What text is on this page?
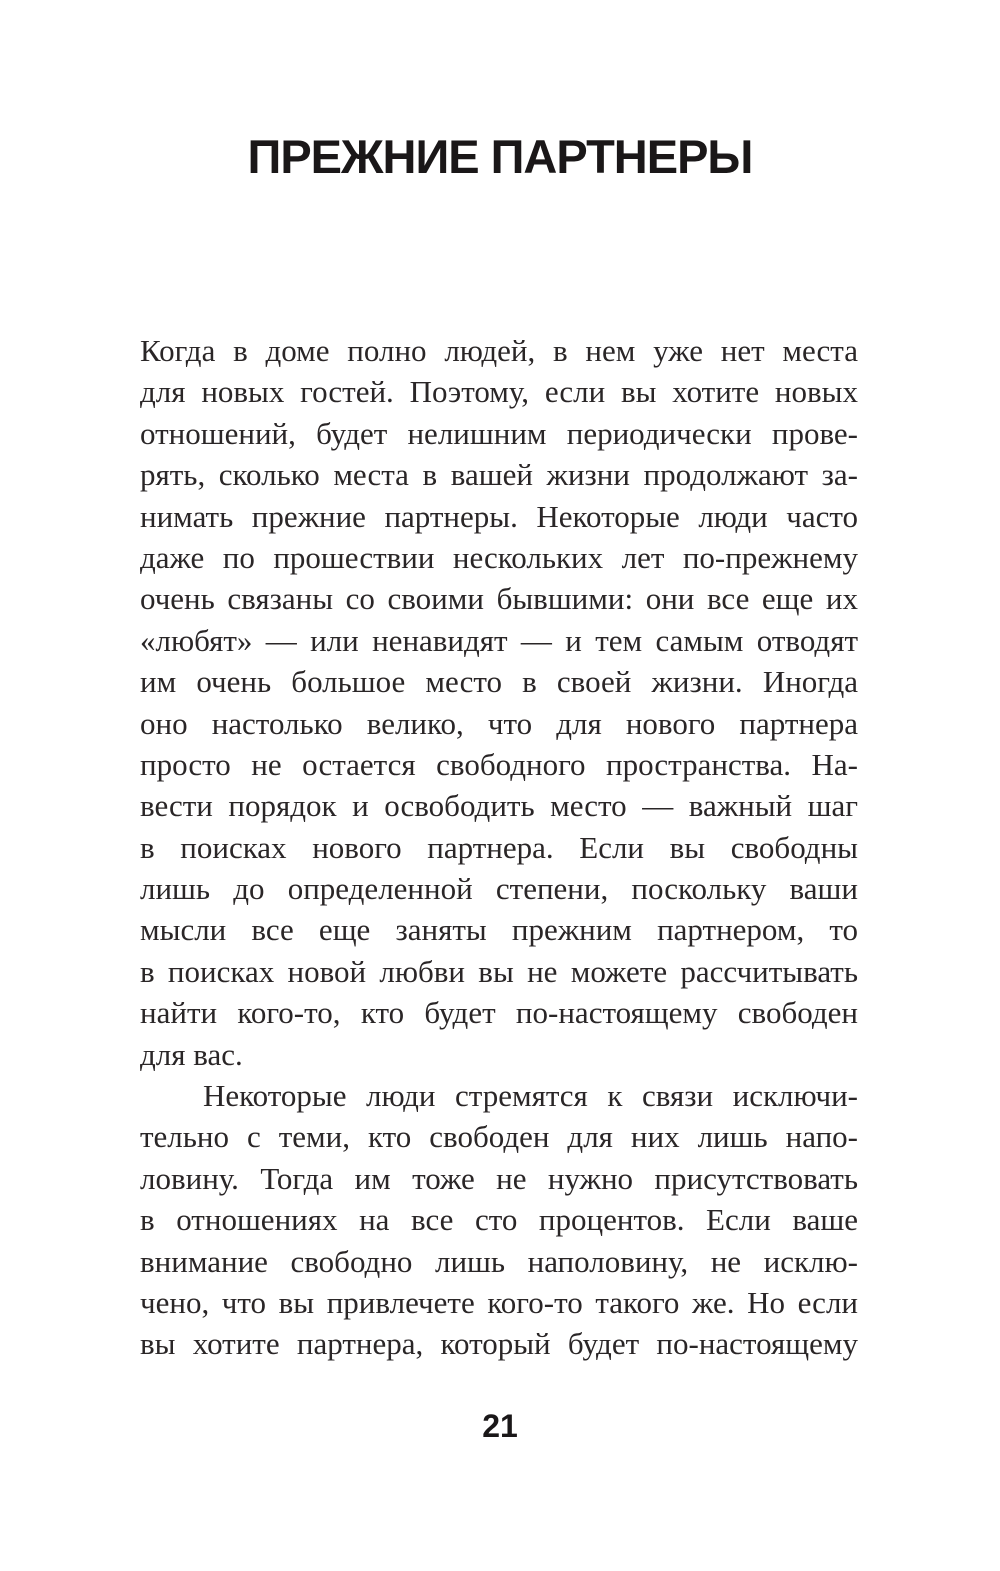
ПРЕЖНИЕ ПАРТНЕРЫ
Когда в доме полно людей, в нем уже нет места
для новых гостей. Поэтому, если вы хотите новых
отношений, будет нелишним периодически прове-
рять, сколько места в вашей жизни продолжают за-
нимать прежние партнеры. Некоторые люди часто
даже по прошествии нескольких лет по-прежнему
очень связаны со своими бывшими: они все еще их
«любят» — или ненавидят — и тем самым отводят
им очень большое место в своей жизни. Иногда
оно настолько велико, что для нового партнера
просто не остается свободного пространства. На-
вести порядок и освободить место — важный шаг
в поисках нового партнера. Если вы свободны
лишь до определенной степени, поскольку ваши
мысли все еще заняты прежним партнером, то
в поисках новой любви вы не можете рассчитывать
найти кого-то, кто будет по-настоящему свободен
для вас.
Некоторые люди стремятся к связи исключи-
тельно с теми, кто свободен для них лишь напо-
ловину. Тогда им тоже не нужно присутствовать
в отношениях на все сто процентов. Если ваше
внимание свободно лишь наполовину, не исклю-
чено, что вы привлечете кого-то такого же. Но если
вы хотите партнера, который будет по-настоящему
21
